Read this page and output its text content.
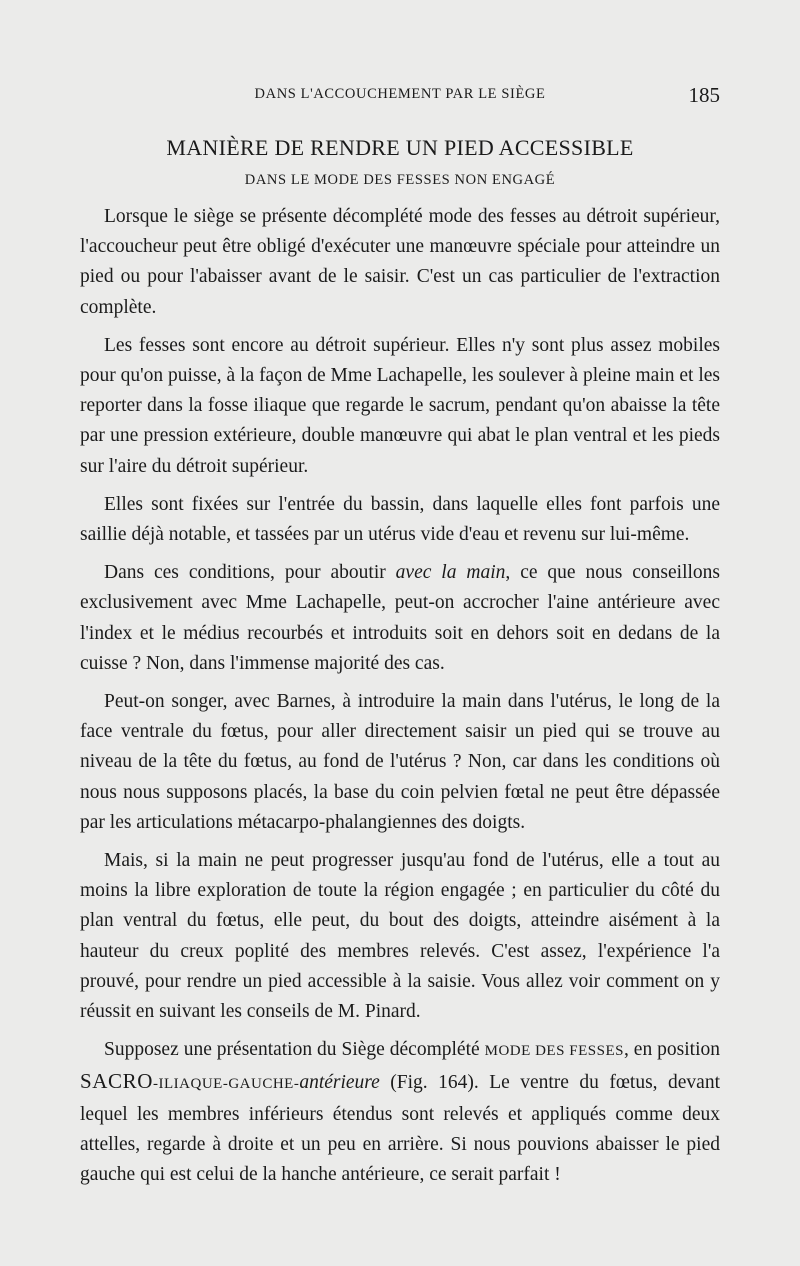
DANS L'ACCOUCHEMENT PAR LE SIÈGE	185
MANIÈRE DE RENDRE UN PIED ACCESSIBLE
DANS LE MODE DES FESSES NON ENGAGÉ

Lorsque le siège se présente décomplété mode des fesses au détroit supérieur, l'accoucheur peut être obligé d'exécuter une manœuvre spéciale pour atteindre un pied ou pour l'abaisser avant de le saisir. C'est un cas particulier de l'extraction complète.

Les fesses sont encore au détroit supérieur. Elles n'y sont plus assez mobiles pour qu'on puisse, à la façon de Mme Lachapelle, les soulever à pleine main et les reporter dans la fosse iliaque que regarde le sacrum, pendant qu'on abaisse la tête par une pression extérieure, double manœuvre qui abat le plan ventral et les pieds sur l'aire du détroit supérieur.

Elles sont fixées sur l'entrée du bassin, dans laquelle elles font parfois une saillie déjà notable, et tassées par un utérus vide d'eau et revenu sur lui-même.

Dans ces conditions, pour aboutir avec la main, ce que nous conseillons exclusivement avec Mme Lachapelle, peut-on accrocher l'aine antérieure avec l'index et le médius recourbés et introduits soit en dehors soit en dedans de la cuisse ? Non, dans l'immense majorité des cas.

Peut-on songer, avec Barnes, à introduire la main dans l'utérus, le long de la face ventrale du fœtus, pour aller directement saisir un pied qui se trouve au niveau de la tête du fœtus, au fond de l'utérus ? Non, car dans les conditions où nous nous supposons placés, la base du coin pelvien fœtal ne peut être dépassée par les articulations métacarpo-phalangiennes des doigts.

Mais, si la main ne peut progresser jusqu'au fond de l'utérus, elle a tout au moins la libre exploration de toute la région engagée ; en particulier du côté du plan ventral du fœtus, elle peut, du bout des doigts, atteindre aisément à la hauteur du creux poplité des membres relevés. C'est assez, l'expérience l'a prouvé, pour rendre un pied accessible à la saisie. Vous allez voir comment on y réussit en suivant les conseils de M. Pinard.

Supposez une présentation du Siège décomplété MODE DES FESSES, en position SACRO-ILIAQUE-GAUCHE-antérieure (Fig. 164). Le ventre du fœtus, devant lequel les membres inférieurs étendus sont relevés et appliqués comme deux attelles, regarde à droite et un peu en arrière. Si nous pouvions abaisser le pied gauche qui est celui de la hanche antérieure, ce serait parfait !
